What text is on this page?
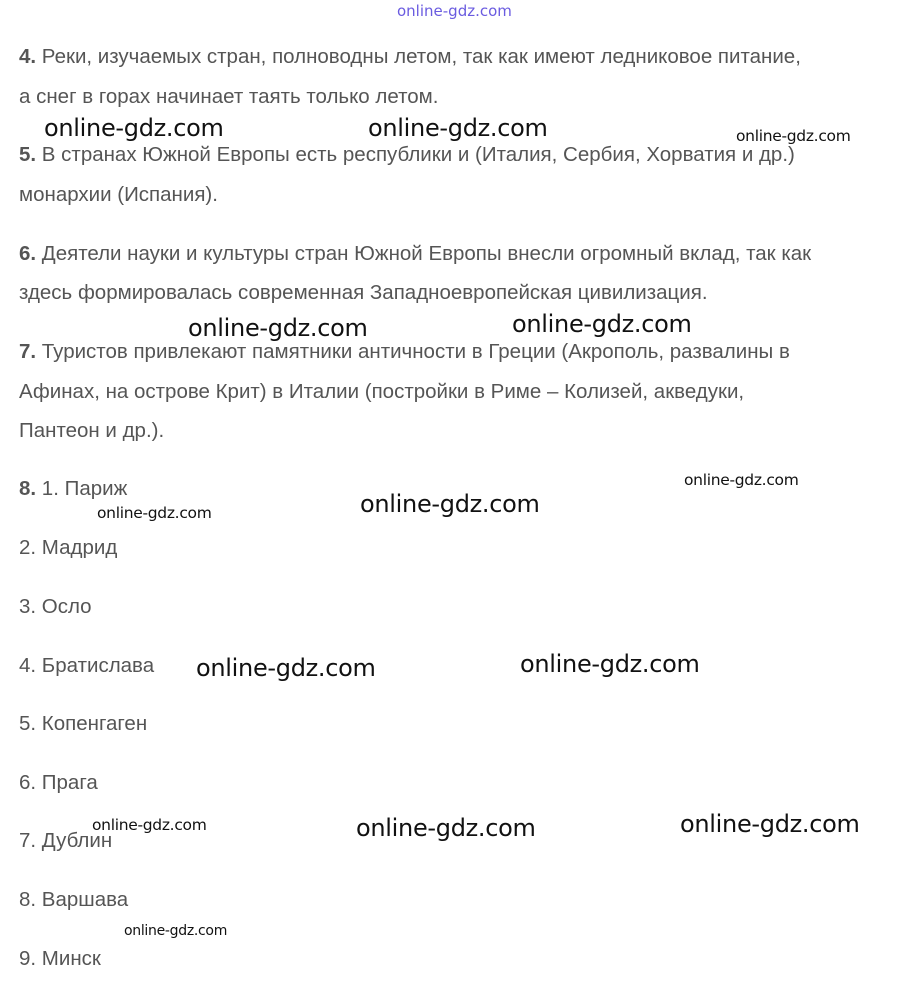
online-gdz.com
4. Реки, изучаемых стран, полноводны летом, так как имеют ледниковое питание,
а снег в горах начинает таять только летом.
5. В странах Южной Европы есть республики и (Италия, Сербия, Хорватия и др.)
монархии (Испания).
6. Деятели науки и культуры стран Южной Европы внесли огромный вклад, так как
здесь формировалась современная Западноевропейская цивилизация.
7. Туристов привлекают памятники античности в Греции (Акрополь, развалины в
Афинах, на острове Крит) в Италии (постройки в Риме – Колизей, акведуки,
Пантеон и др.).
8. 1. Париж
2. Мадрид
3. Осло
4. Братислава
5. Копенгаген
6. Прага
7. Дублин
8. Варшава
9. Минск
online-gdz.com	online-gdz.com	online-gdz.com
online-gdz.com	online-gdz.com
online-gdz.com
online-gdz.com
online-gdz.com
online-gdz.com	online-gdz.com
online-gdz.com	online-gdz.com	online-gdz.com
online-gdz.com
